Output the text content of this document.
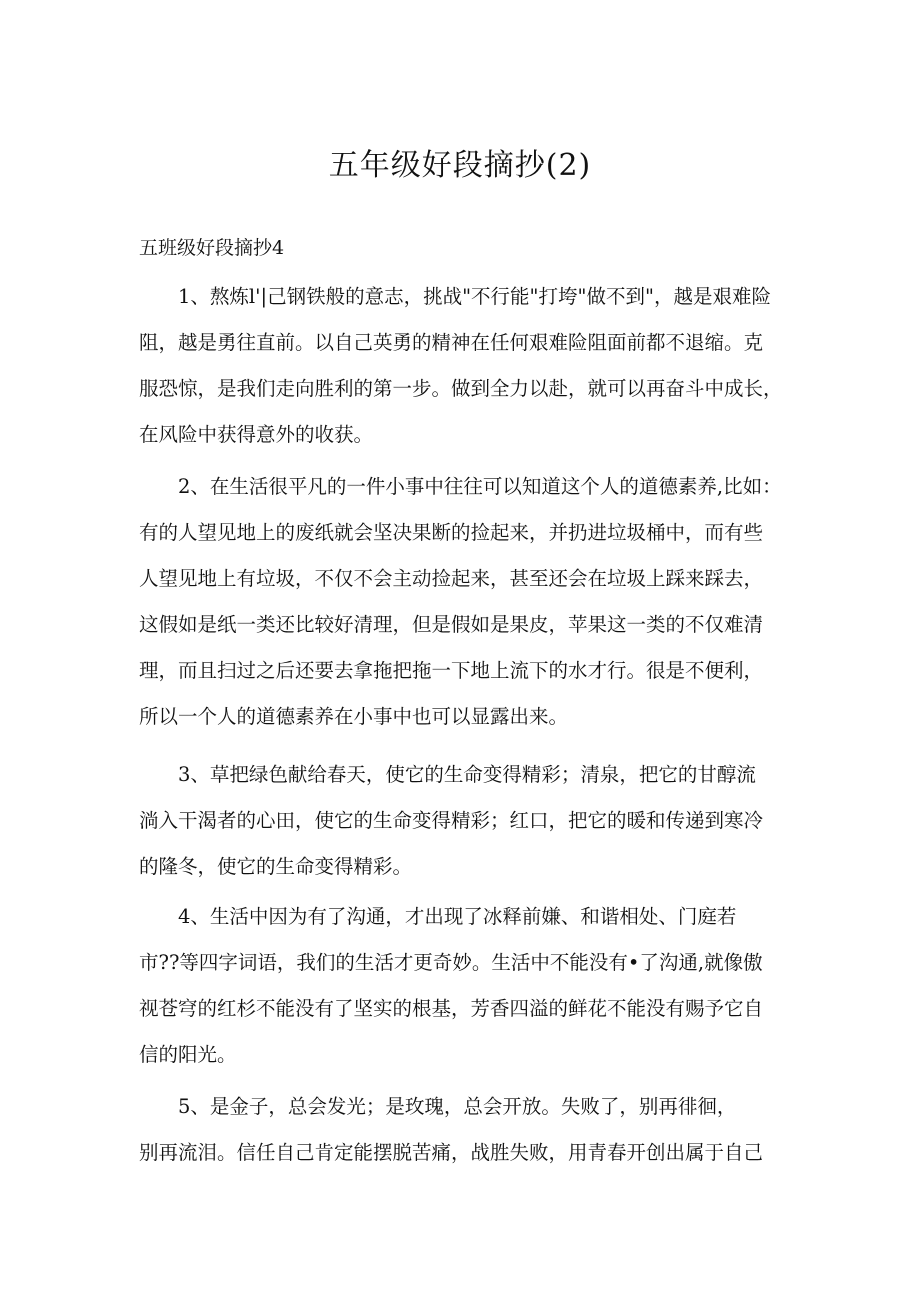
五年级好段摘抄(2)
五班级好段摘抄4
1、熬炼l'|己钢铁般的意志，挑战"不行能"打垮"做不到"，越是艰难险
阻，越是勇往直前。以自己英勇的精神在任何艰难险阻面前都不退缩。克
服恐惊，是我们走向胜利的第一步。做到全力以赴，就可以再奋斗中成长，
在风险中获得意外的收获。
2、在生活很平凡的一件小事中往往可以知道这个人的道德素养,比如：
有的人望见地上的废纸就会坚决果断的捡起来，并扔进垃圾桶中，而有些
人望见地上有垃圾，不仅不会主动捡起来，甚至还会在垃圾上踩来踩去，
这假如是纸一类还比较好清理，但是假如是果皮，苹果这一类的不仅难清
理，而且扫过之后还要去拿拖把拖一下地上流下的水才行。很是不便利，
所以一个人的道德素养在小事中也可以显露出来。
3、草把绿色献给春天，使它的生命变得精彩；清泉，把它的甘醇流
淌入干渴者的心田，使它的生命变得精彩；红口，把它的暖和传递到寒冷
的隆冬，使它的生命变得精彩。
4、生活中因为有了沟通，才出现了冰释前嫌、和谐相处、门庭若
市??等四字词语，我们的生活才更奇妙。生活中不能没有•了沟通,就像傲
视苍穹的红杉不能没有了坚实的根基，芳香四溢的鲜花不能没有赐予它自
信的阳光。
5、是金子，总会发光；是玫瑰，总会开放。失败了，别再徘徊，
别再流泪。信任自己肯定能摆脱苦痛，战胜失败，用青春开创出属于自己
